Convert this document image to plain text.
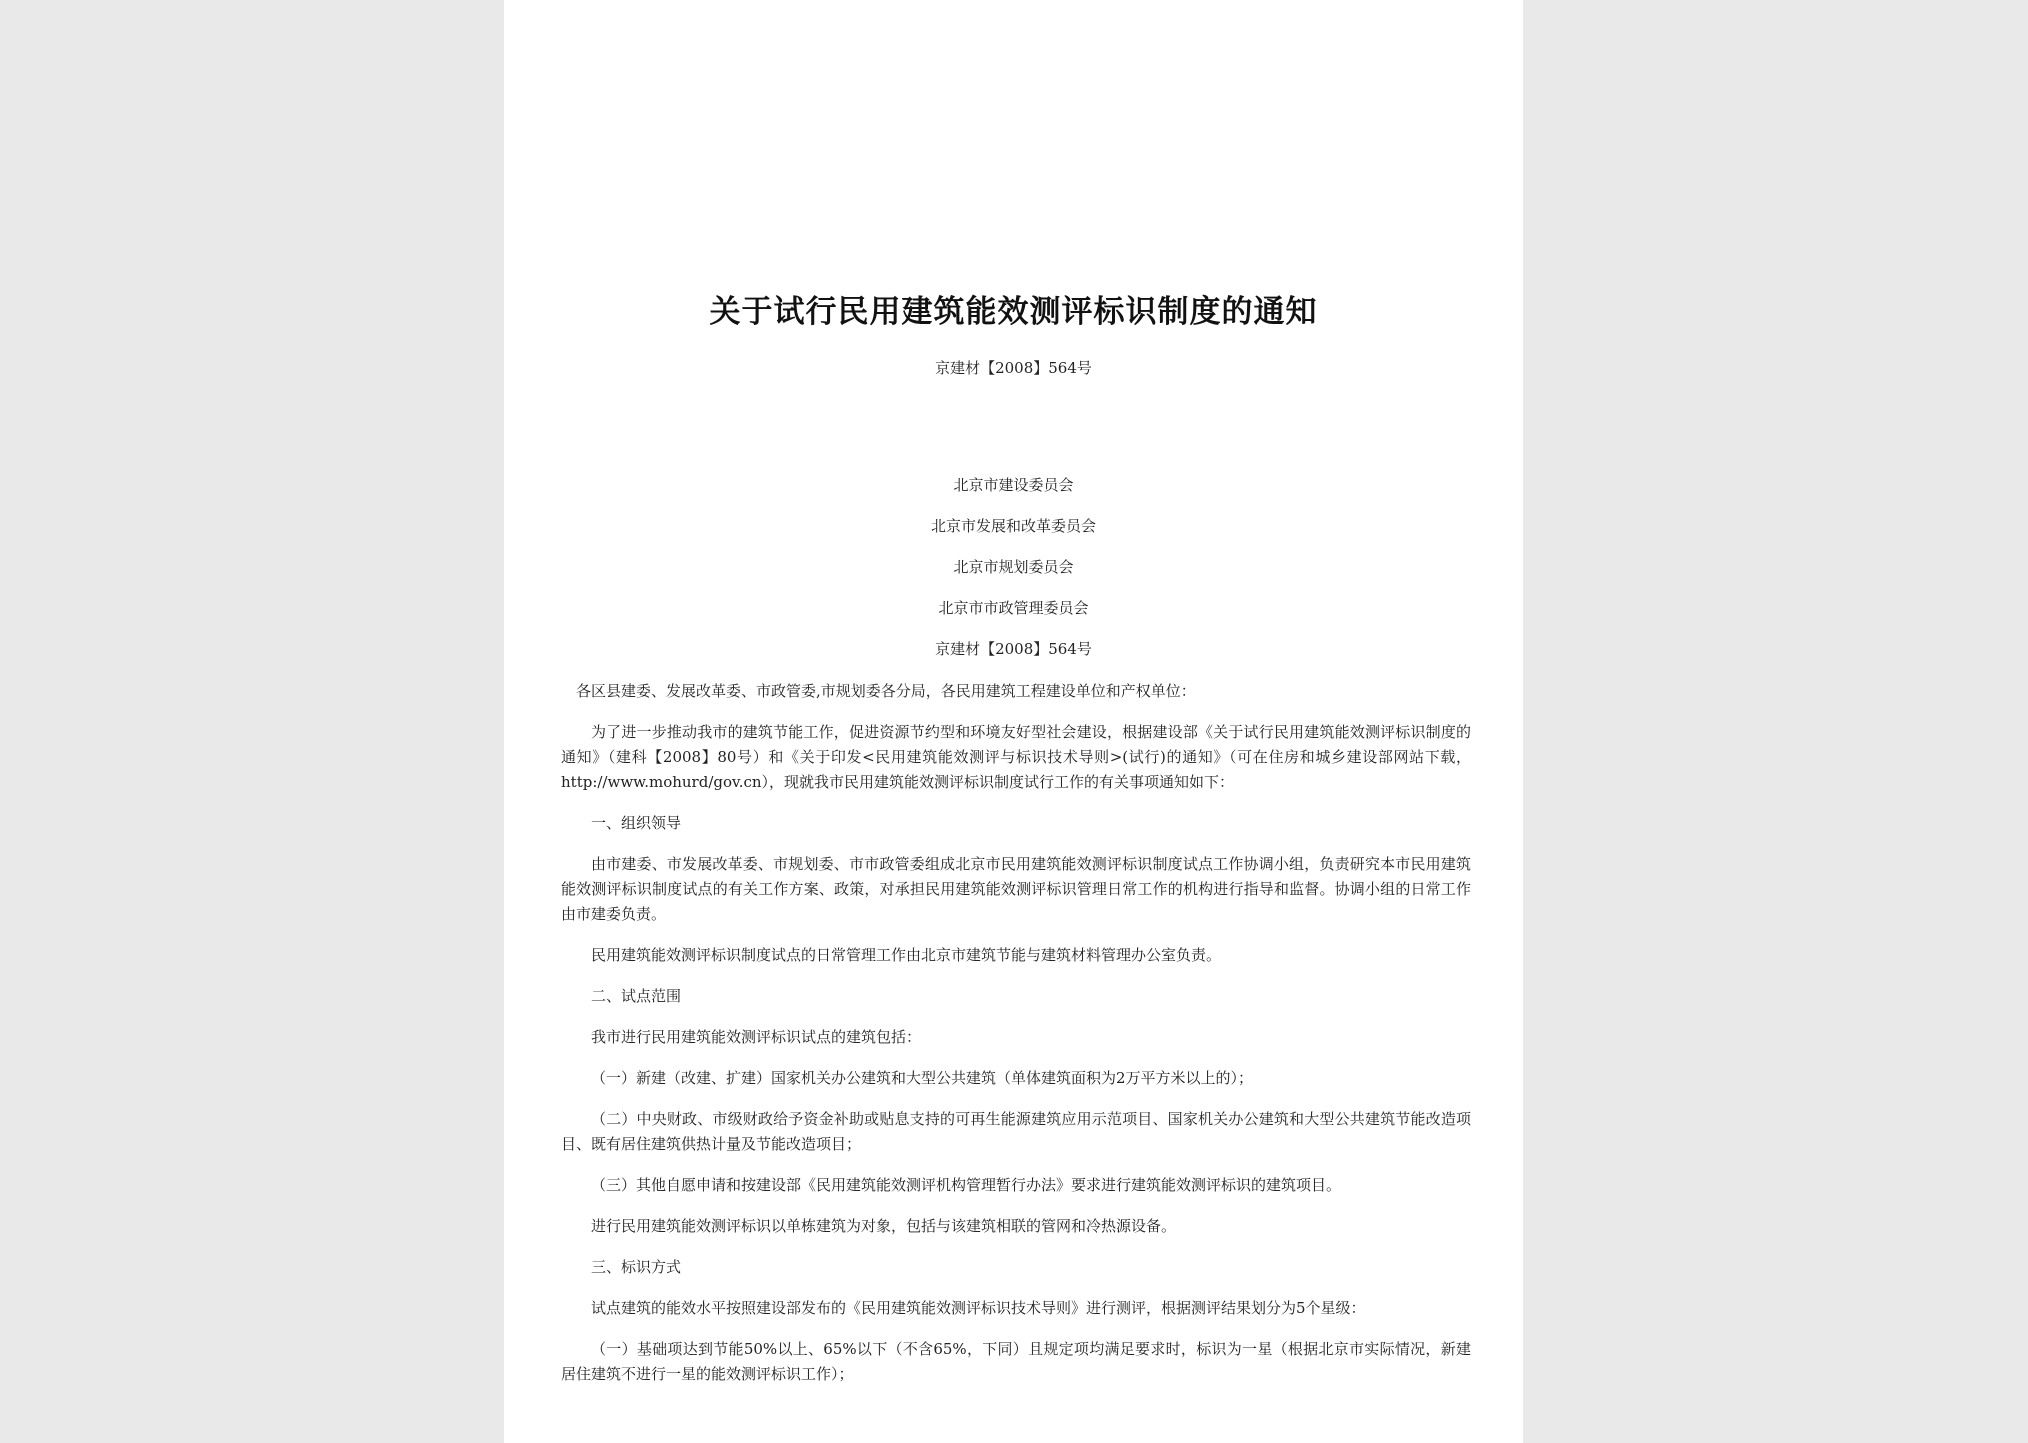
关于试行民用建筑能效测评标识制度的通知
京建材【2008】564号
北京市建设委员会
北京市发展和改革委员会
北京市规划委员会
北京市市政管理委员会
京建材【2008】564号

各区县建委、发展改革委、市政管委,市规划委各分局，各民用建筑工程建设单位和产权单位：

为了进一步推动我市的建筑节能工作，促进资源节约型和环境友好型社会建设，根据建设部《关于试行民用建筑能效测评标识制度的通知》（建科【2008】80号）和《关于印发<民用建筑能效测评与标识技术导则>(试行)的通知》（可在住房和城乡建设部网站下载，http://www.mohurd/gov.cn），现就我市民用建筑能效测评标识制度试行工作的有关事项通知如下：

一、组织领导

由市建委、市发展改革委、市规划委、市市政管委组成北京市民用建筑能效测评标识制度试点工作协调小组，负责研究本市民用建筑能效测评标识制度试点的有关工作方案、政策，对承担民用建筑能效测评标识管理日常工作的机构进行指导和监督。协调小组的日常工作由市建委负责。

民用建筑能效测评标识制度试点的日常管理工作由北京市建筑节能与建筑材料管理办公室负责。

二、试点范围

我市进行民用建筑能效测评标识试点的建筑包括：

（一）新建（改建、扩建）国家机关办公建筑和大型公共建筑（单体建筑面积为2万平方米以上的）；

（二）中央财政、市级财政给予资金补助或贴息支持的可再生能源建筑应用示范项目、国家机关办公建筑和大型公共建筑节能改造项目、既有居住建筑供热计量及节能改造项目；

（三）其他自愿申请和按建设部《民用建筑能效测评机构管理暂行办法》要求进行建筑能效测评标识的建筑项目。

进行民用建筑能效测评标识以单栋建筑为对象，包括与该建筑相联的管网和冷热源设备。

三、标识方式

试点建筑的能效水平按照建设部发布的《民用建筑能效测评标识技术导则》进行测评，根据测评结果划分为5个星级：

（一）基础项达到节能50%以上、65%以下（不含65%，下同）且规定项均满足要求时，标识为一星（根据北京市实际情况，新建居住建筑不进行一星的能效测评标识工作）；
